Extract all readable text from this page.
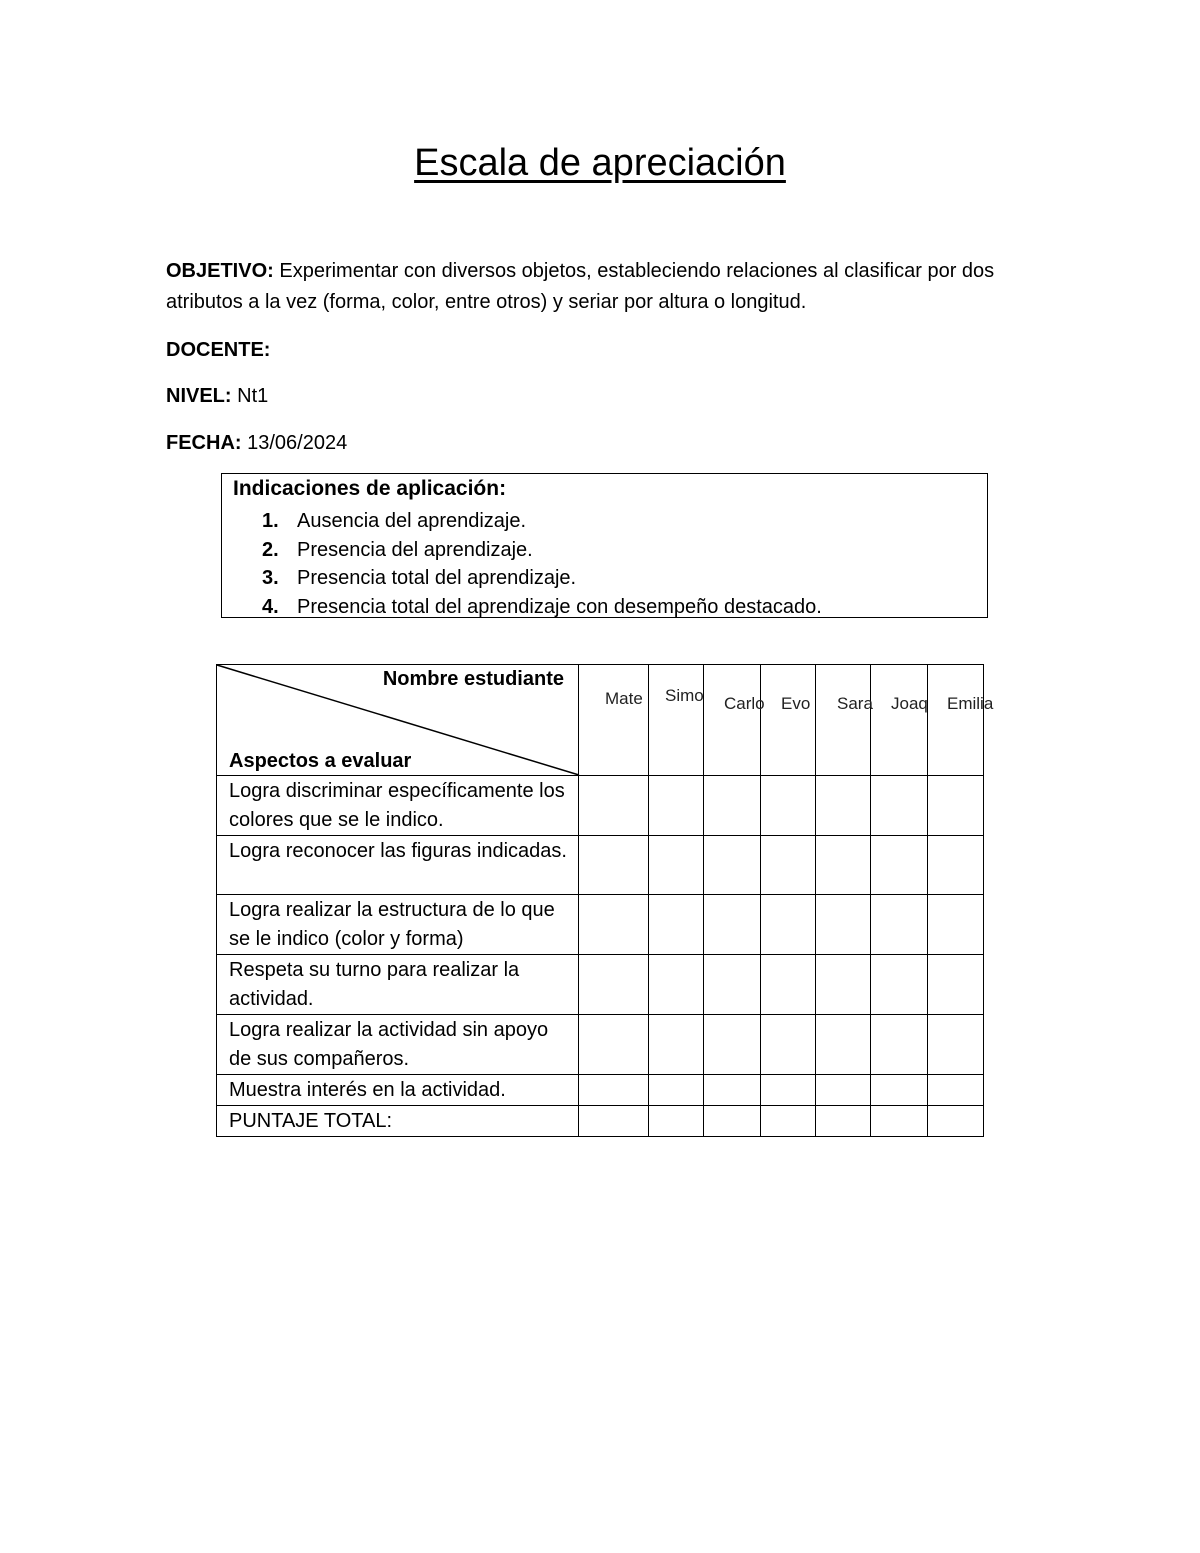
Escala de apreciación
OBJETIVO: Experimentar con diversos objetos, estableciendo relaciones al clasificar por dos atributos a la vez (forma, color, entre otros) y seriar por altura o longitud.
DOCENTE:
NIVEL: Nt1
FECHA: 13/06/2024
Indicaciones de aplicación:
1. Ausencia del aprendizaje.
2. Presencia del aprendizaje.
3. Presencia total del aprendizaje.
4. Presencia total del aprendizaje con desempeño destacado.
Nombre estudiante
Aspectos a evaluar	Mate	Simo	Carlo	Evo	Sara	Joaq	Emilia

Logra discriminar específicamente los colores que se le indico.							
Logra reconocer las figuras indicadas.							
Logra realizar la estructura de lo que se le indico (color y forma)							
Respeta su turno para realizar la actividad.							
Logra realizar la actividad sin apoyo de sus compañeros.							
Muestra interés en la actividad.							
PUNTAJE TOTAL:							
